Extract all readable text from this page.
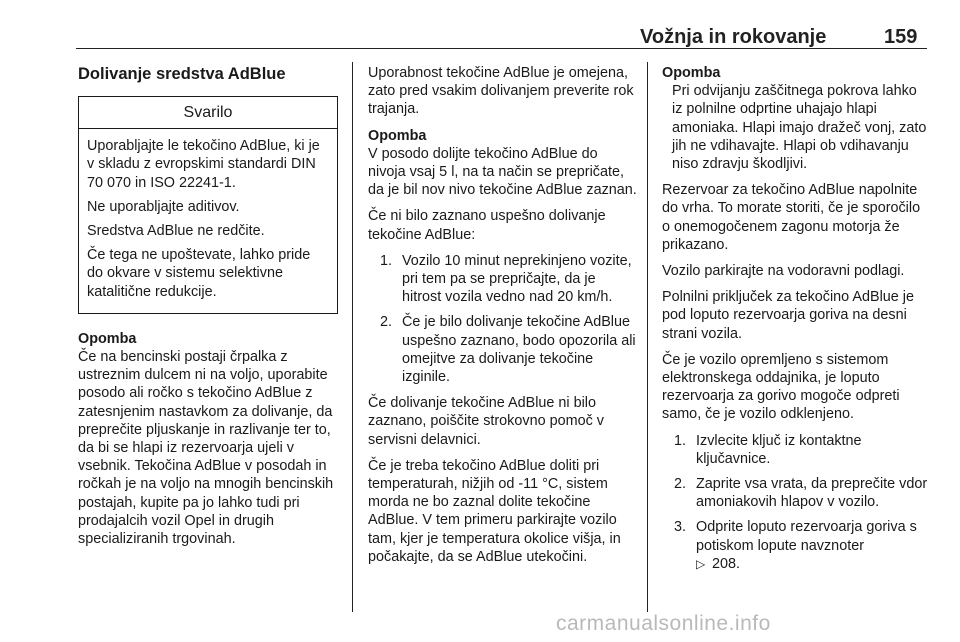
Vožnja in rokovanje	159
Dolivanje sredstva AdBlue
Svarilo

Uporabljajte le tekočino AdBlue, ki je v skladu z evropskimi standardi DIN 70 070 in ISO 22241-1.

Ne uporabljajte aditivov.

Sredstva AdBlue ne redčite.

Če tega ne upoštevate, lahko pride do okvare v sistemu selektivne katalitične redukcije.

Opomba

Če na bencinski postaji črpalka z ustreznim dulcem ni na voljo, uporabite posodo ali ročko s tekočino AdBlue z zatesnjenim nastavkom za dolivanje, da preprečite pljuskanje in razlivanje ter to, da bi se hlapi iz rezervoarja ujeli v vsebnik. Tekočina AdBlue v posodah in ročkah je na voljo na mnogih bencinskih postajah, kupite pa jo lahko tudi pri prodajalcih vozil Opel in drugih specializiranih trgovinah.

Uporabnost tekočine AdBlue je omejena, zato pred vsakim dolivanjem preverite rok trajanja.

Opomba

V posodo dolijte tekočino AdBlue do nivoja vsaj 5 l, na ta način se prepričate, da je bil nov nivo tekočine AdBlue zaznan.

Če ni bilo zaznano uspešno dolivanje tekočine AdBlue:

1. Vozilo 10 minut neprekinjeno vozite, pri tem pa se prepričajte, da je hitrost vozila vedno nad 20 km/h.
2. Če je bilo dolivanje tekočine AdBlue uspešno zaznano, bodo opozorila ali omejitve za dolivanje tekočine izginile.

Če dolivanje tekočine AdBlue ni bilo zaznano, poiščite strokovno pomoč v servisni delavnici.

Če je treba tekočino AdBlue doliti pri temperaturah, nižjih od -11 °C, sistem morda ne bo zaznal dolite tekočine AdBlue. V tem primeru parkirajte vozilo tam, kjer je temperatura okolice višja, in počakajte, da se AdBlue utekočini.

Opomba

Pri odvijanju zaščitnega pokrova lahko iz polnilne odprtine uhajajo hlapi amoniaka. Hlapi imajo dražeč vonj, zato jih ne vdihavajte. Hlapi ob vdihavanju niso zdravju škodljivi.

Rezervoar za tekočino AdBlue napolnite do vrha. To morate storiti, če je sporočilo o onemogočenem zagonu motorja že prikazano.

Vozilo parkirajte na vodoravni podlagi.

Polnilni priključek za tekočino AdBlue je pod loputo rezervoarja goriva na desni strani vozila.

Če je vozilo opremljeno s sistemom elektronskega oddajnika, je loputo rezervoarja za gorivo mogoče odpreti samo, če je vozilo odklenjeno.

1. Izvlecite ključ iz kontaktne ključavnice.
2. Zaprite vsa vrata, da preprečite vdor amoniakovih hlapov v vozilo.
3. Odprite loputo rezervoarja goriva s potiskom lopute navznoter
▷ 208.
carmanualsonline.info
